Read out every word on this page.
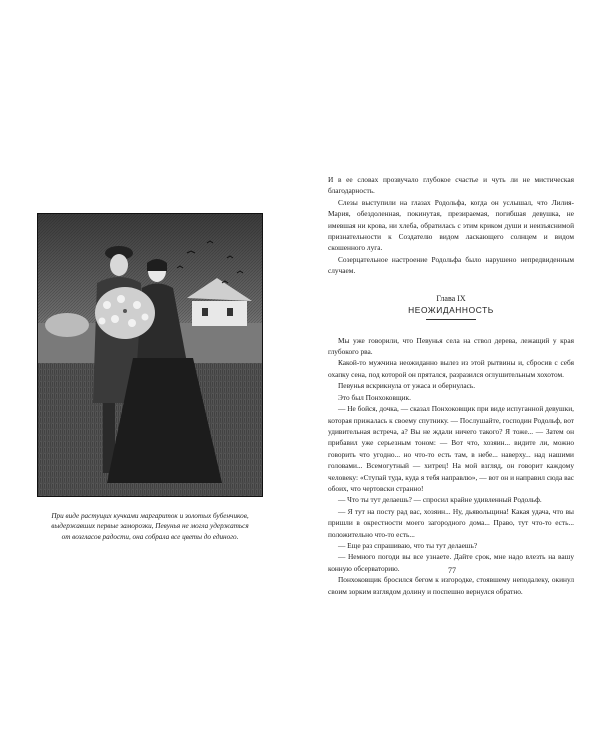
При виде растущих кучками маргариток и золотых бубенчиков,

выдержавших первые заморозки, Певунья не могла удержаться

от возгласов радости, она собрала все цветы до единого.

И в ее словах прозвучало глубокое счастье и чуть ли не мистическая благодарность.

Слезы выступили на глазах Родольфа, когда он услышал, что Лилия-Мария, обездоленная, покинутая, презираемая, погибшая девушка, не имевшая ни крова, ни хлеба, обратилась с этим криком души и неизъяснимой признательности к Создателю видом ласкающего солнцем и видом скошенного луга.

Созерцательное настроение Родольфа было нарушено непредвиденным случаем.

Глава IX
НЕОЖИДАННОСТЬ

Мы уже говорили, что Певунья села на ствол дерева, лежащий у края глубокого рва.

Какой-то мужчина неожиданно вылез из этой рытвины и, сбросив с себя охапку сена, под которой он прятался, разразился оглушительным хохотом.

Певунья вскрикнула от ужаса и обернулась.

Это был Понхоковщик.

— Не бойся, дочка, — сказал Понхоковщик при виде испуганной девушки, которая прижалась к своему спутнику. — Послушайте, господин Родольф, вот удивительная встреча, а? Вы не ждали ничего такого? Я тоже... — Затем он прибавил уже серьезным тоном: — Вот что, хозяин... видите ли, можно говорить что угодно... но что-то есть там, в небе... наверху... над нашими головами... Всемогутный — хитрец! На мой взгляд, он говорит каждому человеку: «Ступай туда, куда я тебя направлю», — вот он и направил сюда вас обоих, что чертовски странно!

— Что ты тут делаешь? — спросил крайне удивленный Родольф.

— Я тут на посту рад вас, хозяин... Ну, дьявольщина! Какая удача, что вы пришли в окрестности моего загородного дома... Право, тут что-то есть... положительно что-то есть...

— Еще раз спрашиваю, что ты тут делаешь?

— Немного погоди вы все узнаете. Дайте срок, мне надо влезть на вашу конную обсерваторию.

Понхоковщик бросился бегом к изгородке, стоявшему неподалеку, окинул своим зорким взглядом долину и поспешно вернулся обратно.

77
